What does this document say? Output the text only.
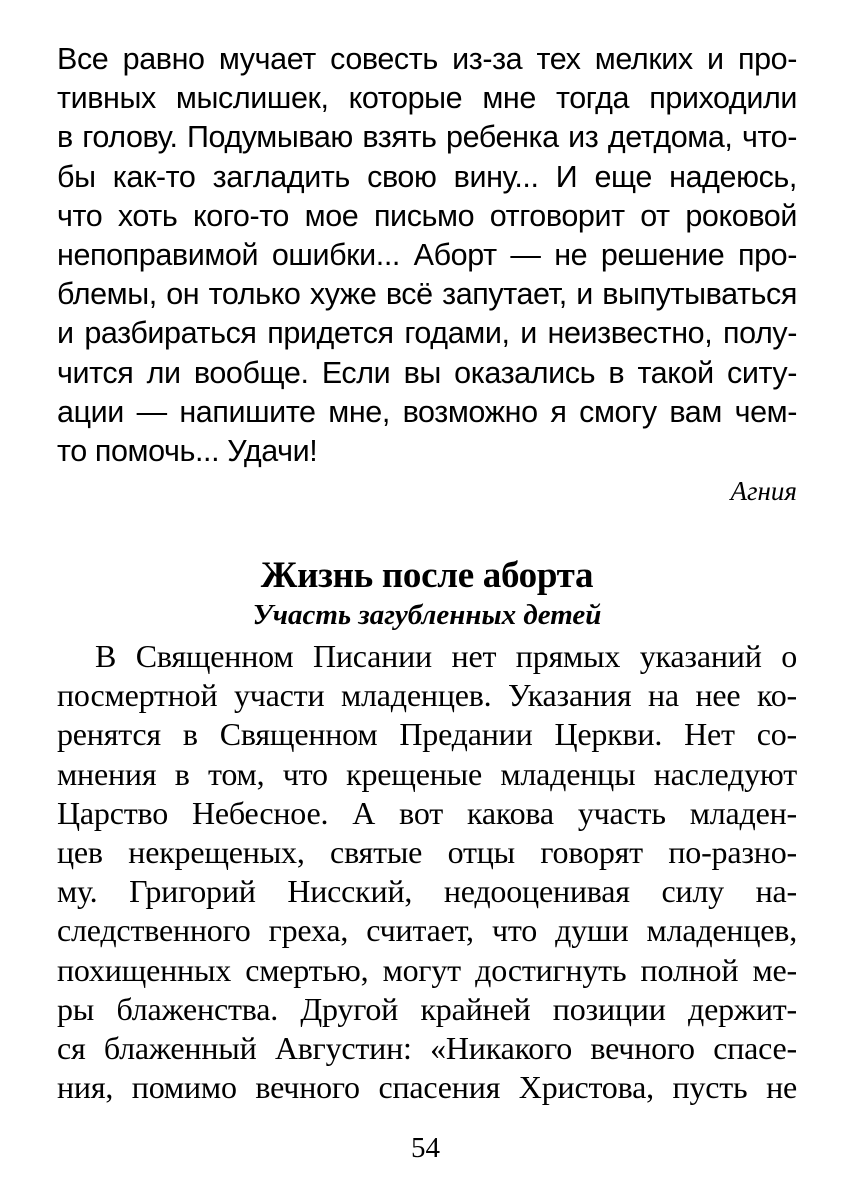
Все равно мучает совесть из-за тех мелких и про-
тивных мыслишек, которые мне тогда приходили
в голову. Подумываю взять ребенка из детдома, что-
бы как-то загладить свою вину... И еще надеюсь,
что хоть кого-то мое письмо отговорит от роковой
непоправимой ошибки... Аборт — не решение про-
блемы, он только хуже всё запутает, и выпутываться
и разбираться придется годами, и неизвестно, полу-
чится ли вообще. Если вы оказались в такой ситу-
ации — напишите мне, возможно я смогу вам чем-
то помочь... Удачи!
Агния
Жизнь после аборта
Участь загубленных детей
В Священном Писании нет прямых указаний о
посмертной участи младенцев. Указания на нее ко-
ренятся в Священном Предании Церкви. Нет со-
мнения в том, что крещеные младенцы наследуют
Царство Небесное. А вот какова участь младен-
цев некрещеных, святые отцы говорят по-разно-
му. Григорий Нисский, недооценивая силу на-
следственного греха, считает, что души младенцев,
похищенных смертью, могут достигнуть полной ме-
ры блаженства. Другой крайней позиции держит-
ся блаженный Августин: «Никакого вечного спасе-
ния, помимо вечного спасения Христова, пусть не
54
